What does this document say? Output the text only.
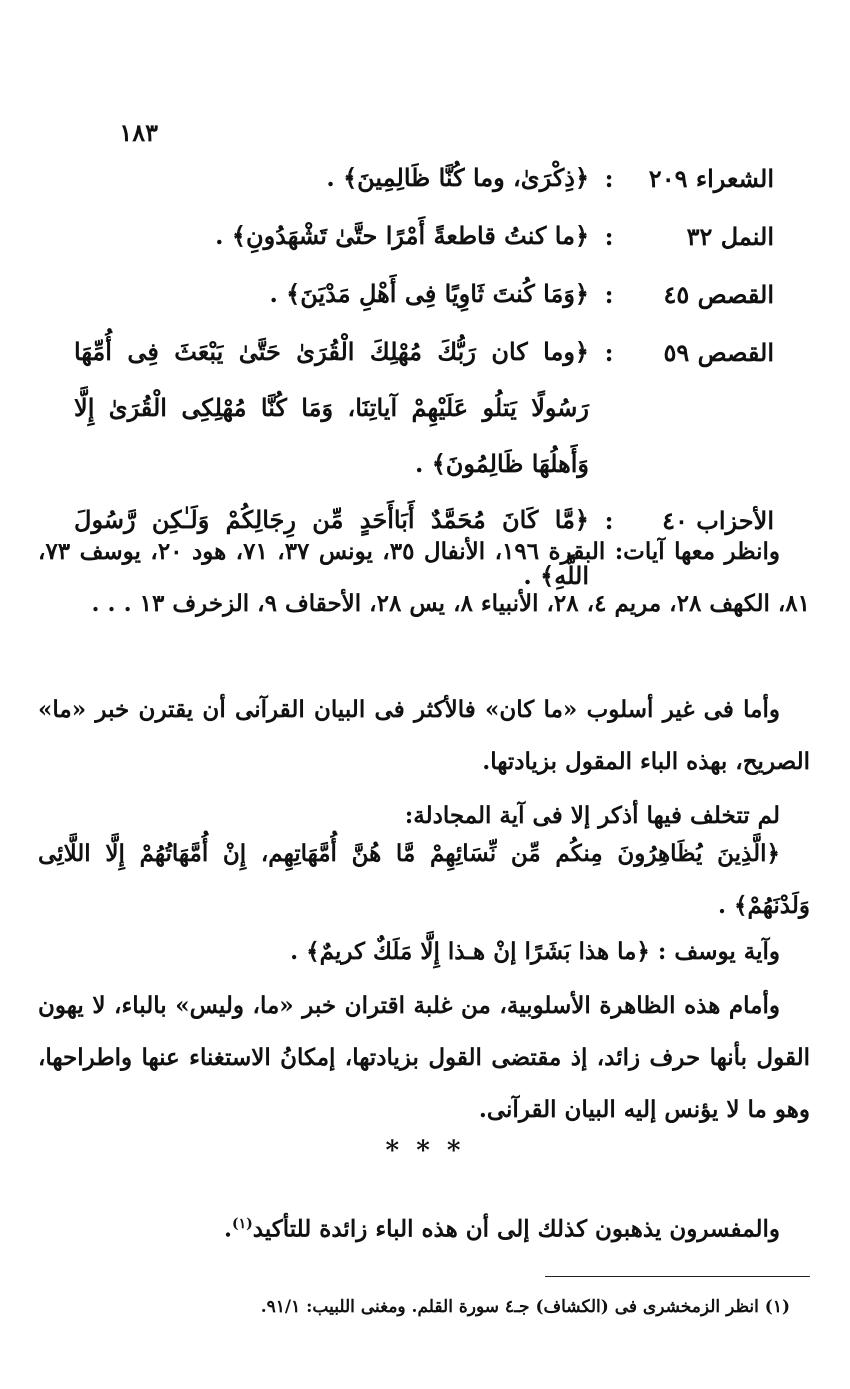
١٨٣
الشعراء ٢٠٩
:
﴿ذِكْرَىٰ، وما كُنَّا ظَالِمِينَ﴾ .
النمل ٣٢
:
﴿ما كنتُ قاطعةً أَمْرًا حتَّىٰ تَشْهَدُونِ﴾ .
القصص ٤٥
:
﴿وَمَا كُنتَ ثَاوِيًا فِى أَهْلِ مَدْيَنَ﴾ .
القصص ٥٩
:
﴿وما كان رَبُّكَ مُهْلِكَ الْقُرَىٰ حَتَّىٰ يَبْعَثَ فِى أُمِّهَا رَسُولًا يَتلُو عَلَيْهِمْ آياتِنَا، وَمَا كُنَّا مُهْلِكِى الْقُرَىٰ إِلَّا وَأَهلُهَا ظَالِمُونَ﴾ .
الأحزاب ٤٠
:
﴿مَّا كَانَ مُحَمَّدٌ أَبَاأَحَدٍ مِّن رِجَالِكُمْ وَلَـٰكِن رَّسُولَ اللَّهِ﴾ .
وانظر معها آيات: البقرة ١٩٦، الأنفال ٣٥، يونس ٣٧، ٧١، هود ٢٠، يوسف ٧٣، ٨١، الكهف ٢٨، مريم ٤، ٢٨، الأنبياء ٨، يس ٢٨، الأحقاف ٩، الزخرف ١٣ . . .
وأما فى غير أسلوب «ما كان» فالأكثر فى البيان القرآنى أن يقترن خبر «ما» الصريح، بهذه الباء المقول بزيادتها.
لم تتخلف فيها أذكر إلا فى آية المجادلة:
﴿الَّذِينَ يُظَاهِرُونَ مِنكُم مِّن نِّسَائِهِمْ مَّا هُنَّ أُمَّهَاتِهِم، إِنْ أُمَّهَاتُهُمْ إِلَّا اللَّائِى وَلَدْنَهُمْ﴾ .
وآية يوسف : ﴿ما هذا بَشَرًا إنْ هـذا إِلَّا مَلَكٌ كريمٌ﴾ .
وأمام هذه الظاهرة الأسلوبية، من غلبة اقتران خبر «ما، وليس» بالباء، لا يهون القول بأنها حرف زائد، إذ مقتضى القول بزيادتها، إمكانُ الاستغناء عنها واطراحها، وهو ما لا يؤنس إليه البيان القرآنى.
* * *
والمفسرون يذهبون كذلك إلى أن هذه الباء زائدة للتأكيد$^{(١)}$.
(١) انظر الزمخشرى فى (الكشاف) جـ٤ سورة القلم. ومغنى اللبيب: ٩١/١.
